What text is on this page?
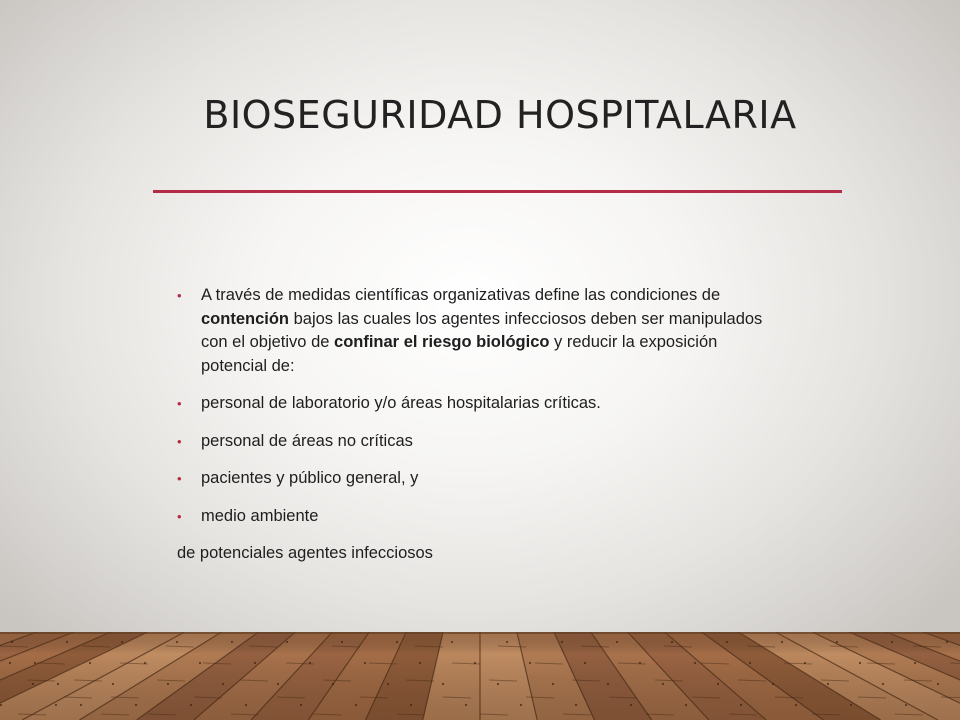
BIOSEGURIDAD HOSPITALARIA
• A través de medidas científicas organizativas define las condiciones de contención bajos las cuales los agentes infecciosos deben ser manipulados con el objetivo de confinar el riesgo biológico y reducir la exposición potencial de:
• personal de laboratorio y/o áreas hospitalarias críticas.
• personal de áreas no críticas
• pacientes y público general, y
• medio ambiente
de potenciales agentes infecciosos
